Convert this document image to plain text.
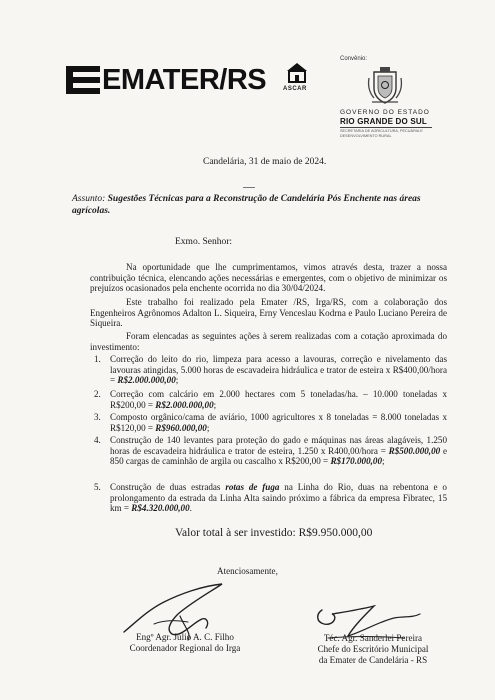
EMATER/RS	ASCAR
Convênio:
GOVERNO DO ESTADO
RIO GRANDE DO SUL
SECRETARIA DE AGRICULTURA, PECUÁRIA E DESENVOLVIMENTO RURAL
Candelária, 31 de maio de 2024.
Assunto: Sugestões Técnicas para a Reconstrução de Candelária Pós Enchente nas áreas agrícolas.
Exmo. Senhor:
Na oportunidade que lhe cumprimentamos, vimos através desta, trazer a nossa contribuição técnica, elencando ações necessárias e emergentes, com o objetivo de minimizar os prejuízos ocasionados pela enchente ocorrida no dia 30/04/2024.
Este trabalho foi realizado pela Emater /RS, Irga/RS, com a colaboração dos Engenheiros Agrônomos Adalton L. Siqueira, Erny Venceslau Kodrna e Paulo Luciano Pereira de Siqueira.
Foram elencadas as seguintes ações à serem realizadas com a cotação aproximada do investimento:
1. Correção do leito do rio, limpeza para acesso a lavouras, correção e nivelamento das lavouras atingidas, 5.000 horas de escavadeira hidráulica e trator de esteira x R$400,00/hora = R$2.000.000,00;
2. Correção com calcário em 2.000 hectares com 5 toneladas/ha. – 10.000 toneladas x R$200,00 = R$2.000.000,00;
3. Composto orgânico/cama de aviário, 1000 agricultores x 8 toneladas = 8.000 toneladas x R$120,00 = R$960.000,00;
4. Construção de 140 levantes para proteção do gado e máquinas nas áreas alagáveis, 1.250 horas de escavadeira hidráulica e trator de esteira, 1.250 x R400,00/hora = R$500.000,00 e 850 cargas de caminhão de argila ou cascalho x R$200,00 = R$170.000,00;
5. Construção de duas estradas rotas de fuga na Linha do Rio, duas na rebentona e o prolongamento da estrada da Linha Alta saindo próximo a fábrica da empresa Fibratec, 15 km = R$4.320.000,00.
Valor total à ser investido: R$9.950.000,00
Atenciosamente,
Engº Agr. Júlio A. C. Filho
Coordenador Regional do Irga
Téc. Agr. Sanderlei Pereira
Chefe do Escritório Municipal
da Emater de Candelária - RS
